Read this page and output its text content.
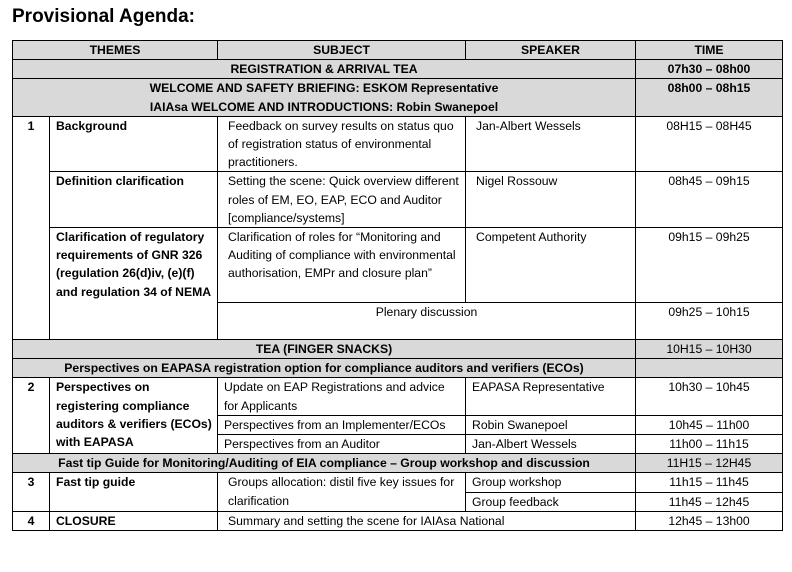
Provisional Agenda:
THEMES		SUBJECT	SPEAKER	TIME
REGISTRATION & ARRIVAL TEA				07h30 – 08h00

WELCOME AND SAFETY BRIEFING: ESKOM Representative
IAIAsa WELCOME AND INTRODUCTIONS: Robin Swanepoel				08h00 – 08h15
1	Background	Feedback on survey results on status quo of registration status of environmental practitioners.	Jan-Albert Wessels	08H15 – 08H45
	Definition clarification	Setting the scene: Quick overview different roles of EM, EO, EAP, ECO and Auditor [compliance/systems]	Nigel Rossouw	08h45 – 09h15
	Clarification of regulatory requirements of GNR 326 (regulation 26(d)iv, (e)(f) and regulation 34 of NEMA	Clarification of roles for “Monitoring and Auditing of compliance with environmental authorisation, EMPr and closure plan”	Competent Authority	09h15 – 09h25
		Plenary discussion		09h25 – 10h15
TEA (FINGER SNACKS)				10H15 – 10H30
Perspectives on EAPASA registration option for compliance auditors and verifiers (ECOs)				
2	Perspectives on registering compliance auditors & verifiers (ECOs) with EAPASA	Update on EAP Registrations and advice for Applicants	EAPASA Representative	10h30 – 10h45
		Perspectives from an Implementer/ECOs	Robin Swanepoel	10h45 – 11h00
		Perspectives from an Auditor	Jan-Albert Wessels	11h00 – 11h15
Fast tip Guide for Monitoring/Auditing of EIA compliance – Group workshop and discussion				11H15 – 12H45
3	Fast tip guide	Groups allocation: distil five key issues for clarification	Group workshop	11h15 – 11h45
			Group feedback	11h45 – 12h45
4	CLOSURE	Summary and setting the scene for IAIAsa National		12h45 – 13h00
